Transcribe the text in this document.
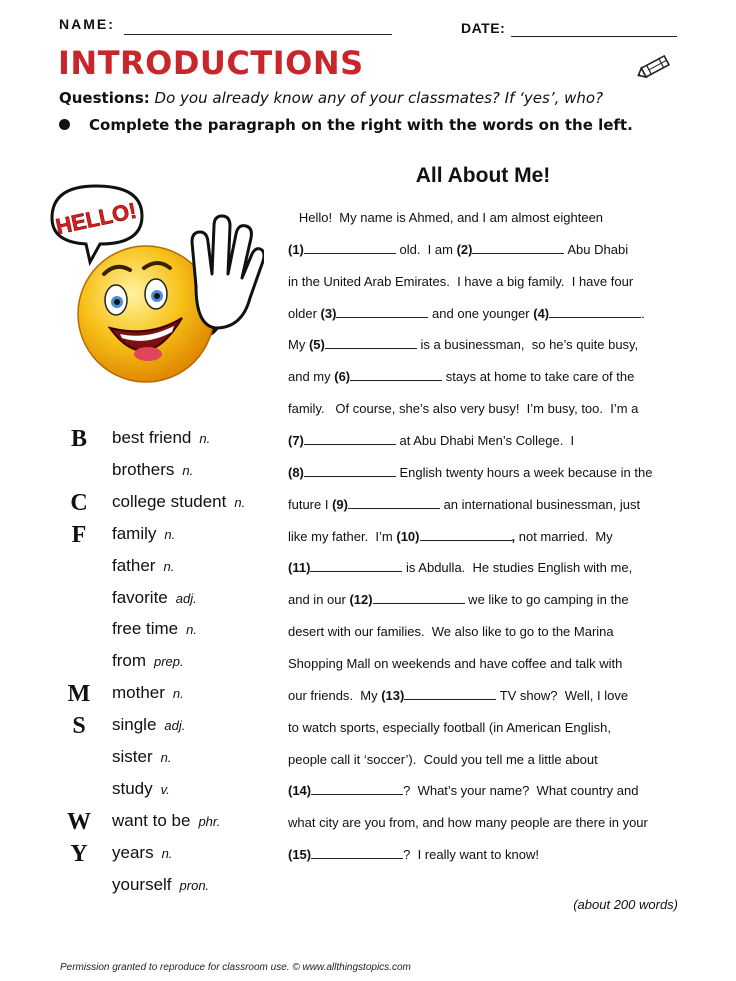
NAME:	DATE:
INTRODUCTIONS
Questions: Do you already know any of your classmates? If ‘yes’, who?
Complete the paragraph on the right with the words on the left.
HELLO!
B best friend n.
brothers n.
C college student n.
F	family n.
father n.
favorite adj.
free time n.
from prep.
M mother n.
S	single adj.
sister n.
study v.
W want to be phr.
Y years n.
yourself pron.
All About Me!
Hello!  My name is Ahmed, and I am almost eighteen
(1)	old.  I am (2)	Abu Dhabi
in the United Arab Emirates.  I have a big family.  I have four
older (3)	and one younger (4)	.
My (5)	is a businessman,  so he’s quite busy,
and my (6)	stays at home to take care of the
family.   Of course, she’s also very busy!  I’m busy, too.  I’m a
(7)	at Abu Dhabi Men’s College.  I
(8)	English twenty hours a week because in the
future I (9)	an international businessman, just
like my father.  I’m (10)	, not married.  My
(11)	is Abdulla.  He studies English with me,
and in our (12)	we like to go camping in the
desert with our families.  We also like to go to the Marina
Shopping Mall on weekends and have coffee and talk with
our friends.  My (13)	TV show?  Well, I love
to watch sports, especially football (in American English,
people call it ‘soccer’).  Could you tell me a little about
(14)	?  What’s your name?  What country and
what city are you from, and how many people are there in your
(15)	?  I really want to know!
(about 200 words)
Permission granted to reproduce for classroom use. © www.allthingstopics.com
